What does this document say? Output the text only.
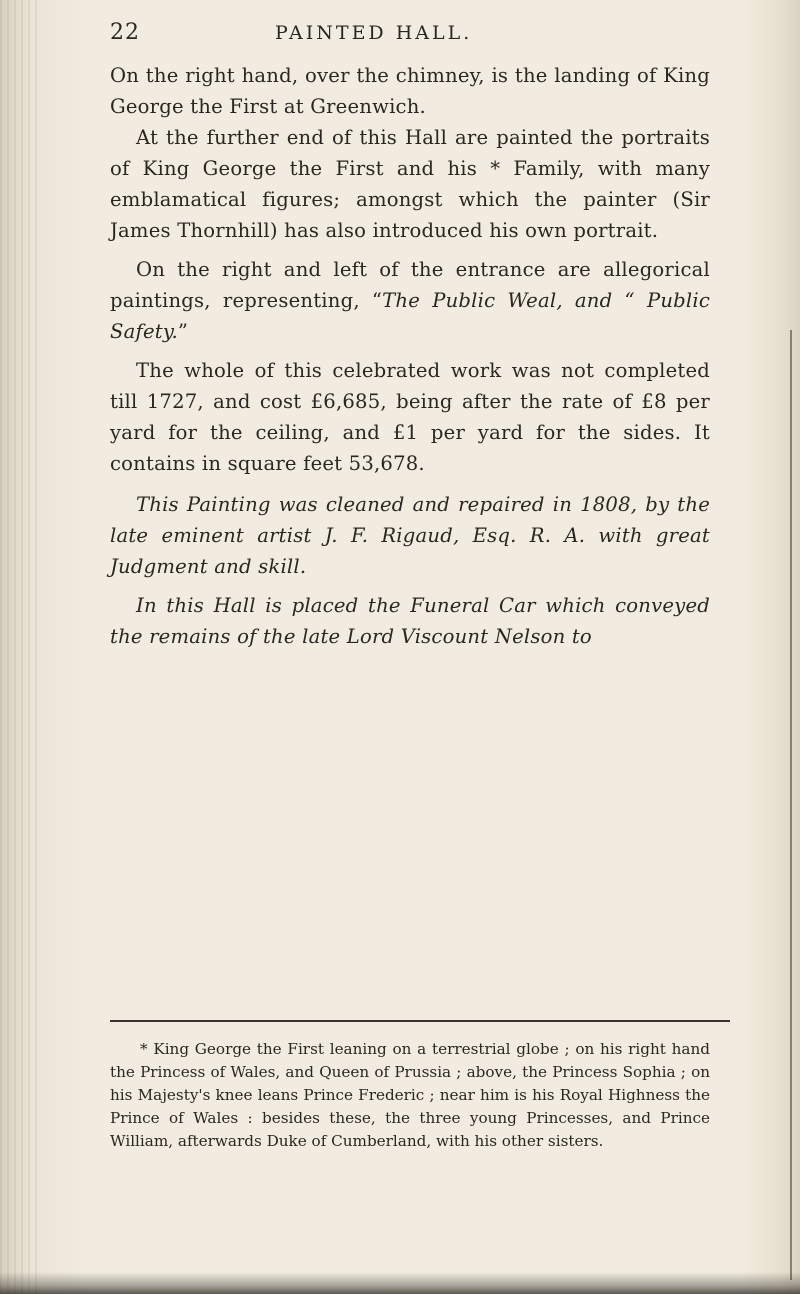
22	PAINTED HALL.

On the right hand, over the chimney, is the landing of King George the First at Greenwich.

At the further end of this Hall are painted the portraits of King George the First and his * Family, with many emblamatical figures; amongst which the painter (Sir James Thornhill) has also introduced his own portrait.

On the right and left of the entrance are allegorical paintings, representing, “The Public Weal, and “ Public Safety.”

The whole of this celebrated work was not completed till 1727, and cost £6,685, being after the rate of £8 per yard for the ceiling, and £1 per yard for the sides. It contains in square feet 53,678.

This Painting was cleaned and repaired in 1808, by the late eminent artist J. F. Rigaud, Esq. R. A. with great Judgment and skill.

In this Hall is placed the Funeral Car which conveyed the remains of the late Lord Viscount Nelson to

* King George the First leaning on a terrestrial globe ; on his right hand the Princess of Wales, and Queen of Prussia ; above, the Princess Sophia ; on his Majesty's knee leans Prince Frederic ; near him is his Royal Highness the Prince of Wales : besides these, the three young Princesses, and Prince William, afterwards Duke of Cumberland, with his other sisters.
